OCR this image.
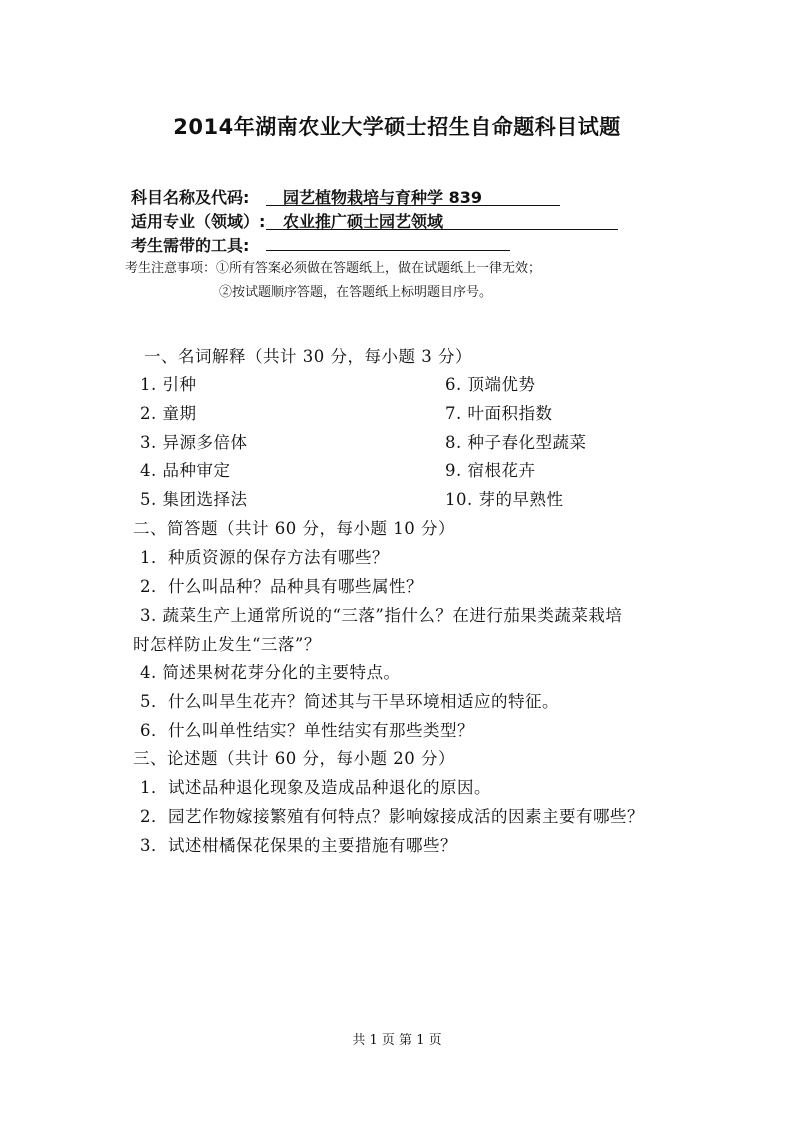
2014年湖南农业大学硕士招生自命题科目试题
科目名称及代码: 园艺植物栽培与育种学 839
适用专业（领域）: 农业推广硕士园艺领域
考生需带的工具:
考生注意事项：①所有答案必须做在答题纸上，做在试题纸上一律无效；
②按试题顺序答题，在答题纸上标明题目序号。
一、名词解释（共计 30 分，每小题 3 分）
1. 引种	6. 顶端优势
2. 童期	7. 叶面积指数
3. 异源多倍体	8. 种子春化型蔬菜
4. 品种审定	9. 宿根花卉
5. 集团选择法	10. 芽的早熟性
二、简答题（共计 60 分，每小题 10 分）
1．种质资源的保存方法有哪些？
2．什么叫品种？品种具有哪些属性？
3. 蔬菜生产上通常所说的“三落”指什么？在进行茄果类蔬菜栽培
时怎样防止发生“三落”？
4. 简述果树花芽分化的主要特点。
5．什么叫旱生花卉？简述其与干旱环境相适应的特征。
6．什么叫单性结实？单性结实有那些类型？
三、论述题（共计 60 分，每小题 20 分）
1．试述品种退化现象及造成品种退化的原因。
2．园艺作物嫁接繁殖有何特点？影响嫁接成活的因素主要有哪些？
3．试述柑橘保花保果的主要措施有哪些？
共 1 页 第 1 页
